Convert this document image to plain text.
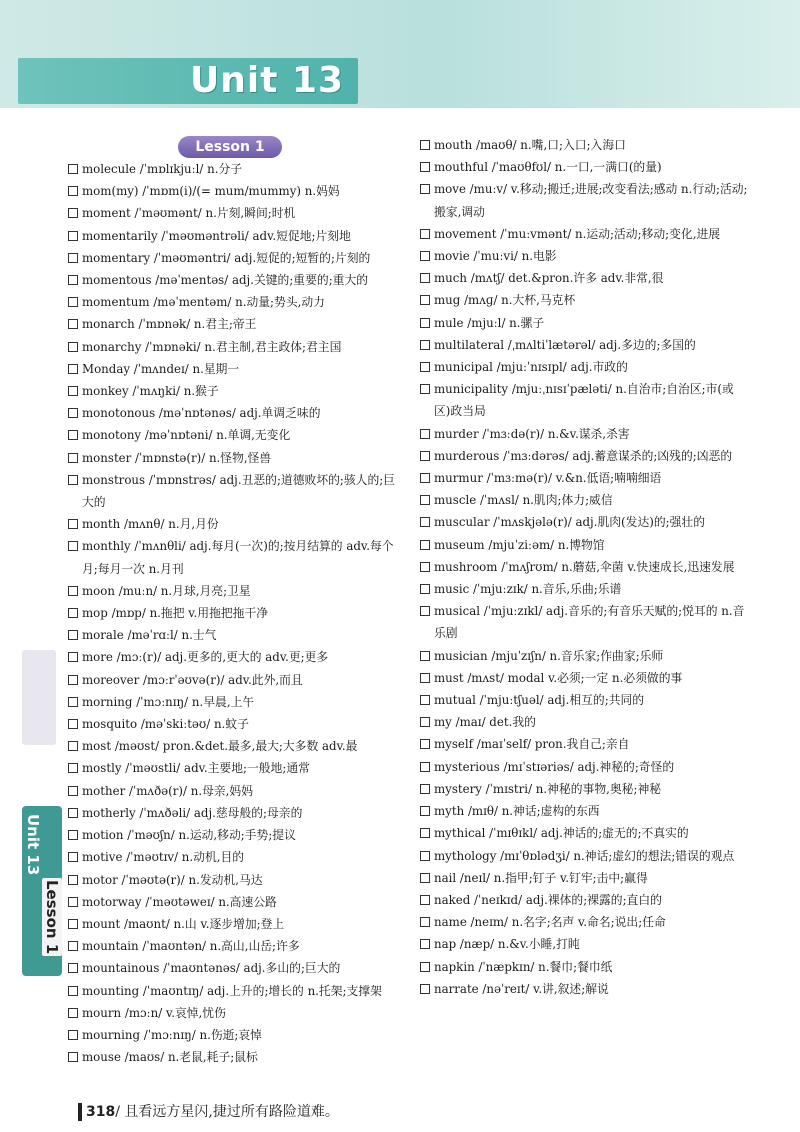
Unit 13
Lesson 1
molecule /ˈmɒlɪkjuːl/ n.分子
mom(my) /ˈmɒm(i)/(= mum/mummy) n.妈妈
moment /ˈməʊmənt/ n.片刻,瞬间;时机
momentarily /ˈməʊməntrəli/ adv.短促地;片刻地
momentary /ˈməʊməntri/ adj.短促的;短暂的;片刻的
momentous /məˈmentəs/ adj.关键的;重要的;重大的
momentum /məˈmentəm/ n.动量;势头,动力
monarch /ˈmɒnək/ n.君主;帝王
monarchy /ˈmɒnəki/ n.君主制,君主政体;君主国
Monday /ˈmʌndeɪ/ n.星期一
monkey /ˈmʌŋki/ n.猴子
monotonous /məˈnɒtənəs/ adj.单调乏味的
monotony /məˈnɒtəni/ n.单调,无变化
monster /ˈmɒnstə(r)/ n.怪物,怪兽
monstrous /ˈmɒnstrəs/ adj.丑恶的;道德败坏的;骇人的;巨大的
month /mʌnθ/ n.月,月份
monthly /ˈmʌnθli/ adj.每月(一次)的;按月结算的 adv.每个月;每月一次 n.月刊
moon /muːn/ n.月球,月亮;卫星
mop /mɒp/ n.拖把 v.用拖把拖干净
morale /məˈrɑːl/ n.士气
more /mɔː(r)/ adj.更多的,更大的 adv.更;更多
moreover /mɔːrˈəʊvə(r)/ adv.此外,而且
morning /ˈmɔːnɪŋ/ n.早晨,上午
mosquito /məˈskiːtəʊ/ n.蚊子
most /məʊst/ pron.&det.最多,最大;大多数 adv.最
mostly /ˈməʊstli/ adv.主要地;一般地;通常
mother /ˈmʌðə(r)/ n.母亲,妈妈
motherly /ˈmʌðəli/ adj.慈母般的;母亲的
motion /ˈməʊʃn/ n.运动,移动;手势;提议
motive /ˈməʊtɪv/ n.动机,目的
motor /ˈməʊtə(r)/ n.发动机,马达
motorway /ˈməʊtəweɪ/ n.高速公路
mount /maʊnt/ n.山 v.逐步增加;登上
mountain /ˈmaʊntən/ n.高山,山岳;许多
mountainous /ˈmaʊntənəs/ adj.多山的;巨大的
mounting /ˈmaʊntɪŋ/ adj.上升的;增长的 n.托架;支撑架
mourn /mɔːn/ v.哀悼,忧伤
mourning /ˈmɔːnɪŋ/ n.伤逝;哀悼
mouse /maʊs/ n.老鼠,耗子;鼠标
mouth /maʊθ/ n.嘴,口;入口;入海口
mouthful /ˈmaʊθfʊl/ n.一口,一满口(的量)
move /muːv/ v.移动;搬迁;进展;改变看法;感动 n.行动;活动;搬家,调动
movement /ˈmuːvmənt/ n.运动;活动;移动;变化,进展
movie /ˈmuːvi/ n.电影
much /mʌtʃ/ det.&pron.许多 adv.非常,很
mug /mʌɡ/ n.大杯,马克杯
mule /mjuːl/ n.骡子
multilateral /ˌmʌltiˈlætərəl/ adj.多边的;多国的
municipal /mjuːˈnɪsɪpl/ adj.市政的
municipality /mjuːˌnɪsɪˈpæləti/ n.自治市;自治区;市(或区)政当局
murder /ˈmɜːdə(r)/ n.&v.谋杀,杀害
murderous /ˈmɜːdərəs/ adj.蓄意谋杀的;凶残的;凶恶的
murmur /ˈmɜːmə(r)/ v.&n.低语;喃喃细语
muscle /ˈmʌsl/ n.肌肉;体力;威信
muscular /ˈmʌskjələ(r)/ adj.肌肉(发达)的;强壮的
museum /mjuˈziːəm/ n.博物馆
mushroom /ˈmʌʃrʊm/ n.蘑菇,伞菌 v.快速成长,迅速发展
music /ˈmjuːzɪk/ n.音乐,乐曲;乐谱
musical /ˈmjuːzɪkl/ adj.音乐的;有音乐天赋的;悦耳的 n.音乐剧
musician /mjuˈzɪʃn/ n.音乐家;作曲家;乐师
must /mʌst/ modal v.必须;一定 n.必须做的事
mutual /ˈmjuːtʃuəl/ adj.相互的;共同的
my /maɪ/ det.我的
myself /maɪˈself/ pron.我自己;亲自
mysterious /mɪˈstɪəriəs/ adj.神秘的;奇怪的
mystery /ˈmɪstri/ n.神秘的事物,奥秘;神秘
myth /mɪθ/ n.神话;虚构的东西
mythical /ˈmɪθɪkl/ adj.神话的;虚无的;不真实的
mythology /mɪˈθɒlədʒi/ n.神话;虚幻的想法;错误的观点
nail /neɪl/ n.指甲;钉子 v.钉牢;击中;赢得
naked /ˈneɪkɪd/ adj.裸体的;裸露的;直白的
name /neɪm/ n.名字;名声 v.命名;说出;任命
nap /næp/ n.&v.小睡,打盹
napkin /ˈnæpkɪn/ n.餐巾;餐巾纸
narrate /nəˈreɪt/ v.讲,叙述;解说
Unit 13
Lesson 1
318/ 且看远方星闪,捷过所有路险道难。
